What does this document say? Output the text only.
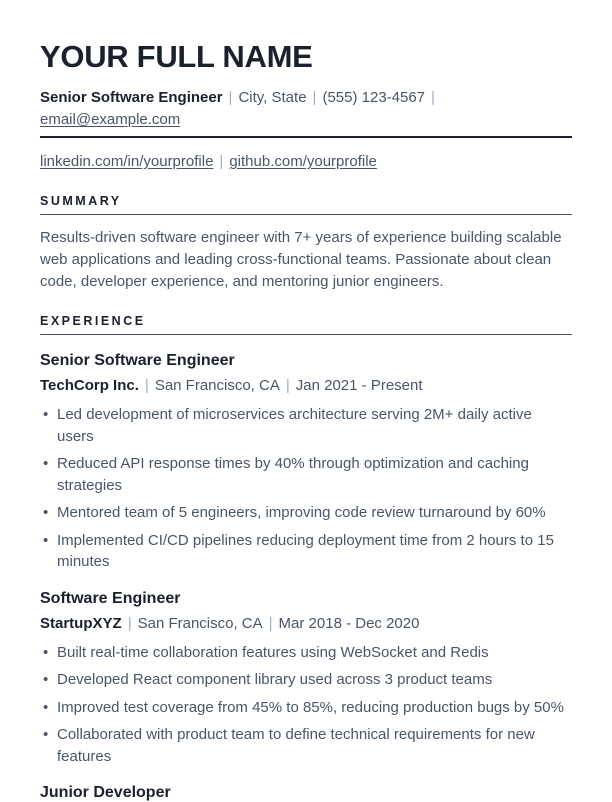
YOUR FULL NAME

Senior Software Engineer | City, State | (555) 123-4567 |
email@example.com

linkedin.com/in/yourprofile | github.com/yourprofile

SUMMARY

Results-driven software engineer with 7+ years of experience building scalable web applications and leading cross-functional teams. Passionate about clean code, developer experience, and mentoring junior engineers.

EXPERIENCE
Senior Software Engineer

TechCorp Inc. | San Francisco, CA | Jan 2021 - Present

• Led development of microservices architecture serving 2M+ daily active users
• Reduced API response times by 40% through optimization and caching strategies
• Mentored team of 5 engineers, improving code review turnaround by 60%
• Implemented CI/CD pipelines reducing deployment time from 2 hours to 15 minutes
Software Engineer

StartupXYZ | San Francisco, CA | Mar 2018 - Dec 2020

• Built real-time collaboration features using WebSocket and Redis
• Developed React component library used across 3 product teams
• Improved test coverage from 45% to 85%, reducing production bugs by 50%
• Collaborated with product team to define technical requirements for new features
Junior Developer
